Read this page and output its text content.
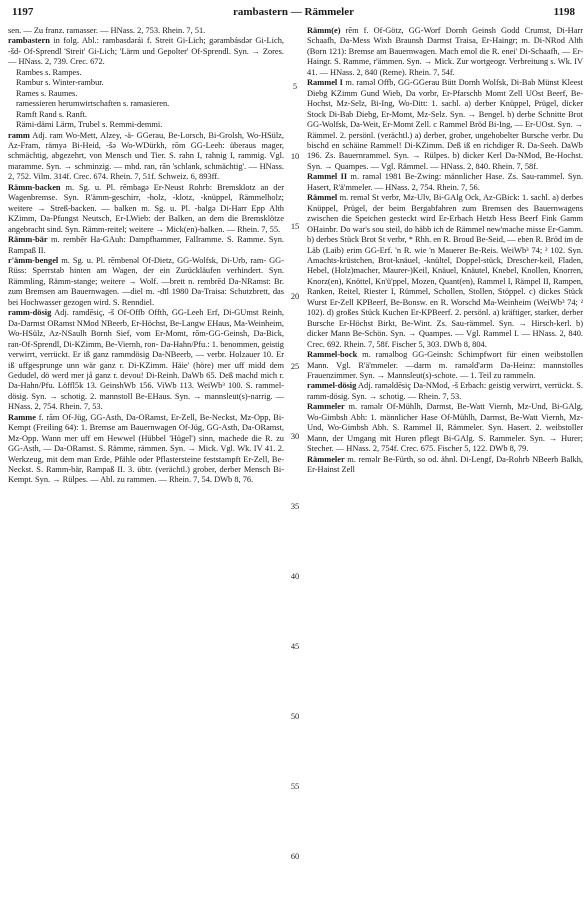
1197	rambastern — Rämmeler	1198

sen. — Zu franz. ramasser. — HNass. 2, 753. Rhein. 7, 51.

rambastern in folg. Abl.: rambasdərái f. Streit Gi-Lich; gərambásdər Gi-Lich, -šd- Of-Sprendl 'Streit' Gi-Lich; 'Lärm und Gepolter' Of-Sprendl. Syn. → Zores. — HNass. 2, 739. Crec. 672.

Rambes s. Rampes.

Rambur s. Winter-rambur.

Rames s. Raumes.

ramessieren herumwirtschaften s. ramasieren.

Ramft Rand s. Ranft.

Rämi-dämi Lärm, Trubel s. Remmi-demmi.

ramm Adj. ram Wo-Mett, Alzey, -ä- GGerau, Be-Lorsch, Bi-Grolsh, Wo-HSülz, Az-Fram, rämyə Bi-Heid, -šə Wo-WDürkh, rōm GG-Leeh: überaus mager, schmächtig, abgezehrt, von Mensch und Tier. S. rahn I, rahnig I, rammig. Vgl. maramme. Syn. → schminzig. — mhd. ran, rān 'schlank, schmächtig'. — HNass. 2, 752. Vilm. 314f. Crec. 674. Rhein. 7, 51f. Schweiz. 6, 893ff.

Rämm-backen m. Sg. u. Pl. rēmbagə Er-Neust Rohrb: Bremsklotz an der Wagenbremse. Syn. R'ämm-geschirr, -holz, -klotz, -knüppel, Rämmelholz; weitere → Streß-backen. — balken m. Sg. u. Pl. -balgə Di-Harr Epp Alth KZimm, Da-Pfungst Neutsch, Er-LWieb: der Balken, an dem die Bremsklötze angebracht sind. Syn. Rämm-reitel; weitere → Mick(en)-balken. — Rhein. 7, 55.

Rämm-bär m. rembēr Ha-GAuh: Dampfhammer, Fallramme. S. Ramme. Syn. Rampaß II.

r'ämm-bengel m. Sg. u. Pl. rēmbenəl Of-Dietz, GG-Wolfsk, Di-Urb, ram- GG-Rüss: Sperrstab hinten am Wagen, der ein Zurückläufen verhindert. Syn. Rämmling, Rämm-stange; weitere → Wolf. —brett n. rembrēd Da-NRamst: Br. zum Bremsen am Bauernwagen. —diel m. -dīl 1980 Da-Traisa: Schutzbrett, das bei Hochwasser gezogen wird. S. Renndiel.

ramm-dösig Adj. ramdēsiç, -š Of-Offb Offth, GG-Leeh Erf, Di-GUmst Reinh, Da-Darmst ORamst NMod NBeerb, Er-Höchst, Be-Langw EHaus, Ma-Weinheim, Wo-HSülz, Az-NSaulh Bornh Sief, vom Er-Momt, rōm-GG-Geinsh, Da-Bick, ran-Of-Sprendl, Di-KZimm, Be-Viernh, ron- Da-Hahn/Pfu.: 1. benommen, geistig verwirrt, verrückt. Er iß ganz rammdösig Da-NBeerb, — verbr. Holzauer 10. Er iß uffgesprunge unn wär ganz r. Di-KZimm. Häie' (höre) mer uff midd dem Gedudel, dö werd mer jå ganz r. devou! Di-Reinh. DaWb 65. Deß machd mich r. Da-Hahn/Pfu. Löffl5k 13. GeinshWb 156. ViWb 113. WeiWb³ 100. S. rammel-dösig. Syn. → schotig. 2. mannstoll Be-EHaus. Syn. → mannsleut(s)-narrig. — HNass. 2, 754. Rhein. 7, 53.

Ramme f. rām Of-Jüg, GG-Asth, Da-ORamst, Er-Zell, Be-Neckst, Mz-Opp, Bi-Kempt (Freiling 64): 1. Bremse am Bauernwagen Of-Jüg, GG-Asth, Da-ORamst, Mz-Opp. Wann mer uff em Hewwel (Hübbel 'Hügel') sinn, machede die R. zu GG-Asth, — Da-ORamst. S. Rämme, rämmen. Syn. → Mick. Vgl. Wk. IV 41. 2. Werkzeug, mit dem man Erde, Pfähle oder Pflastersteine feststampft Er-Zell, Be-Neckst. S. Ramm-bär, Rampaß II. 3. übtr. (verächtl.) grober, derber Mensch Bi-Kempt. Syn. → Rülpes. — Abl. zu rammen. — Rhein. 7, 54. DWb 8, 76.

5
10
15
20
25
30
35
40
45
50
55
60

Rämm(e) rēm f. Of-Götz, GG-Worf Dornh Geinsh Godd Crumst, Di-Harr Schaafh, Da-Mess Wixh Braunsh Darmst Traisa, Er-Haingr; m. Di-NRod Alth (Born 121): Bremse am Bauernwagen. Mach emol die R. enei' Di-Schaafh, — Er-Haingr. S. Ramme, r'ämmen. Syn. → Mick. Zur wortgeogr. Verbreitung s. Wk. IV 41. — HNass. 2, 840 (Reme). Rhein. 7, 54f.

Rammel I m. raməl Offb, GG-GGerau Bütt Dornh Wolfsk, Di-Bab Münst Kleest Diebg KZimm Gund Wieb, Da vorbr, Er-Pfarschb Momt Zell UOst Beerf, Be-Hochst, Mz-Selz, Bi-Ing, Wo-Ditt: 1. sachl. a) derber Knüppel, Prügel, dicker Stock Di-Bab Diebg, Er-Momt, Mz-Selz. Syn. → Bengel. b) derbe Schnitte Brot GG-Wolfsk, Da-Weit, Er-Momt Zell. c Rammel Bröd Bi-Ing, — Er-UOst. Syn. → Rämmel. 2. persönl. (verächtl.) a) derber, grober, ungehobelter Bursche verbr. Du bischd en schäine Rammel! Di-KZimm. Deß iß en richdiger R. Da-Seeh. DaWb 196. Zs. Bauernrammel. Syn. → Rülpes. b) dicker Kerl Da-NMod, Be-Hochst. Syn. → Quampes. — Vgl. Rämmel. — HNass. 2, 840. Rhein. 7, 58f.

Rammel II m. raməl 1981 Be-Zwing: männlicher Hase. Zs. Sau-rammel. Syn. Hasert, R'ä'mmeler. — HNass. 2, 754. Rhein. 7, 56.

Rämmel m. reməl St verbr, Mz-Ulv, Bi-GAlg Ock, Az-GBick: 1. sachl. a) derbes Knüppel, Prügel, der beim Bergabfahren zum Bremsen des Bauernwagens zwischen die Speichen gesteckt wird Er-Erbach Hetzb Hess Beerf Fink Gamm OHainbr. Do war's sou steil, do häbb ich de Rämmel new'mache misse Er-Gamm. b) derbes Stück Brot St verbr, * Rhh. en R. Broud Be-Seid, — eben R. Bröd im de Läb (Laib) erim GG-Erf. 'n R. wie 'n Mauerer Be-Reis. WeiWb³ 74; ² 102. Syn. Amachts-krüstchen, Brot-knäuel, -knültel, Doppel-stück, Drescher-keil, Fladen, Hebel, (Holz)macher, Maurer-)Keil, Knäuel, Knäutel, Knebel, Knollen, Knorren, Knorz(en), Knöttel, Kn'ü'ppel, Mozen, Quant(en), Rammel I, Rämpel II, Rampen, Ranken, Reitel, Riester I, Rümmel, Schollen, Stollen, Stöppel. c) dickes Stück Wurst Er-Zell KPBeerf, Be-Bonsw. en R. Worschd Ma-Weinheim (WeiWb³ 74; ² 102). d) großes Stück Kuchen Er-KPBeerf. 2. persönl. a) kräftiger, starker, derber Bursche Er-Höchst Birkt, Be-Wint. Zs. Sau-rämmel. Syn. → Hirsch-kerl. b) dicker Mann Be-Schön. Syn. → Quampes. — Vgl. Rammel I. — HNass. 2, 840. Crec. 692. Rhein. 7, 58f. Fischer 5, 303. DWb 8, 804.

Rammel-bock m. raməlbog GG-Geinsh: Schimpfwort für einen weibstollen Mann. Vgl. R'ä'mmeler. —darm m. raməld'ərm Da-Heinz: mannstolles Frauenzimmer. Syn. → Mannsleut(s)-schote. — 1. Teil zu rammeln.

rammel-dösig Adj. raməldēsiç Da-NMod, -š Erbach: geistig verwirrt, verrückt. S. ramm-dösig. Syn. → schotig. — Rhein. 7, 53.

Rammeler m. raməlr Of-Mühlh, Darmst, Be-Watt Viernh, Mz-Und, Bi-GAlg, Wo-Gimbsh Abh: 1. männlicher Hase Of-Mühlh, Darmst, Be-Watt Viernh, Mz-Und, Wo-Gimbsh Abh. S. Rammel II, Rämmeler. Syn. Hasert. 2. weibstoller Mann, der Umgang mit Huren pflegt Bi-GAlg. S. Rammeler. Syn. → Hurer; Stecher. — HNass. 2, 754f. Crec. 675. Fischer 5, 122. DWb 8, 79.

Rämmeler m. reməlr Be-Fürth, so od. ähnl. Di-Lengf, Da-Rohrb NBeerb Balkh, Er-Hainst Zell
